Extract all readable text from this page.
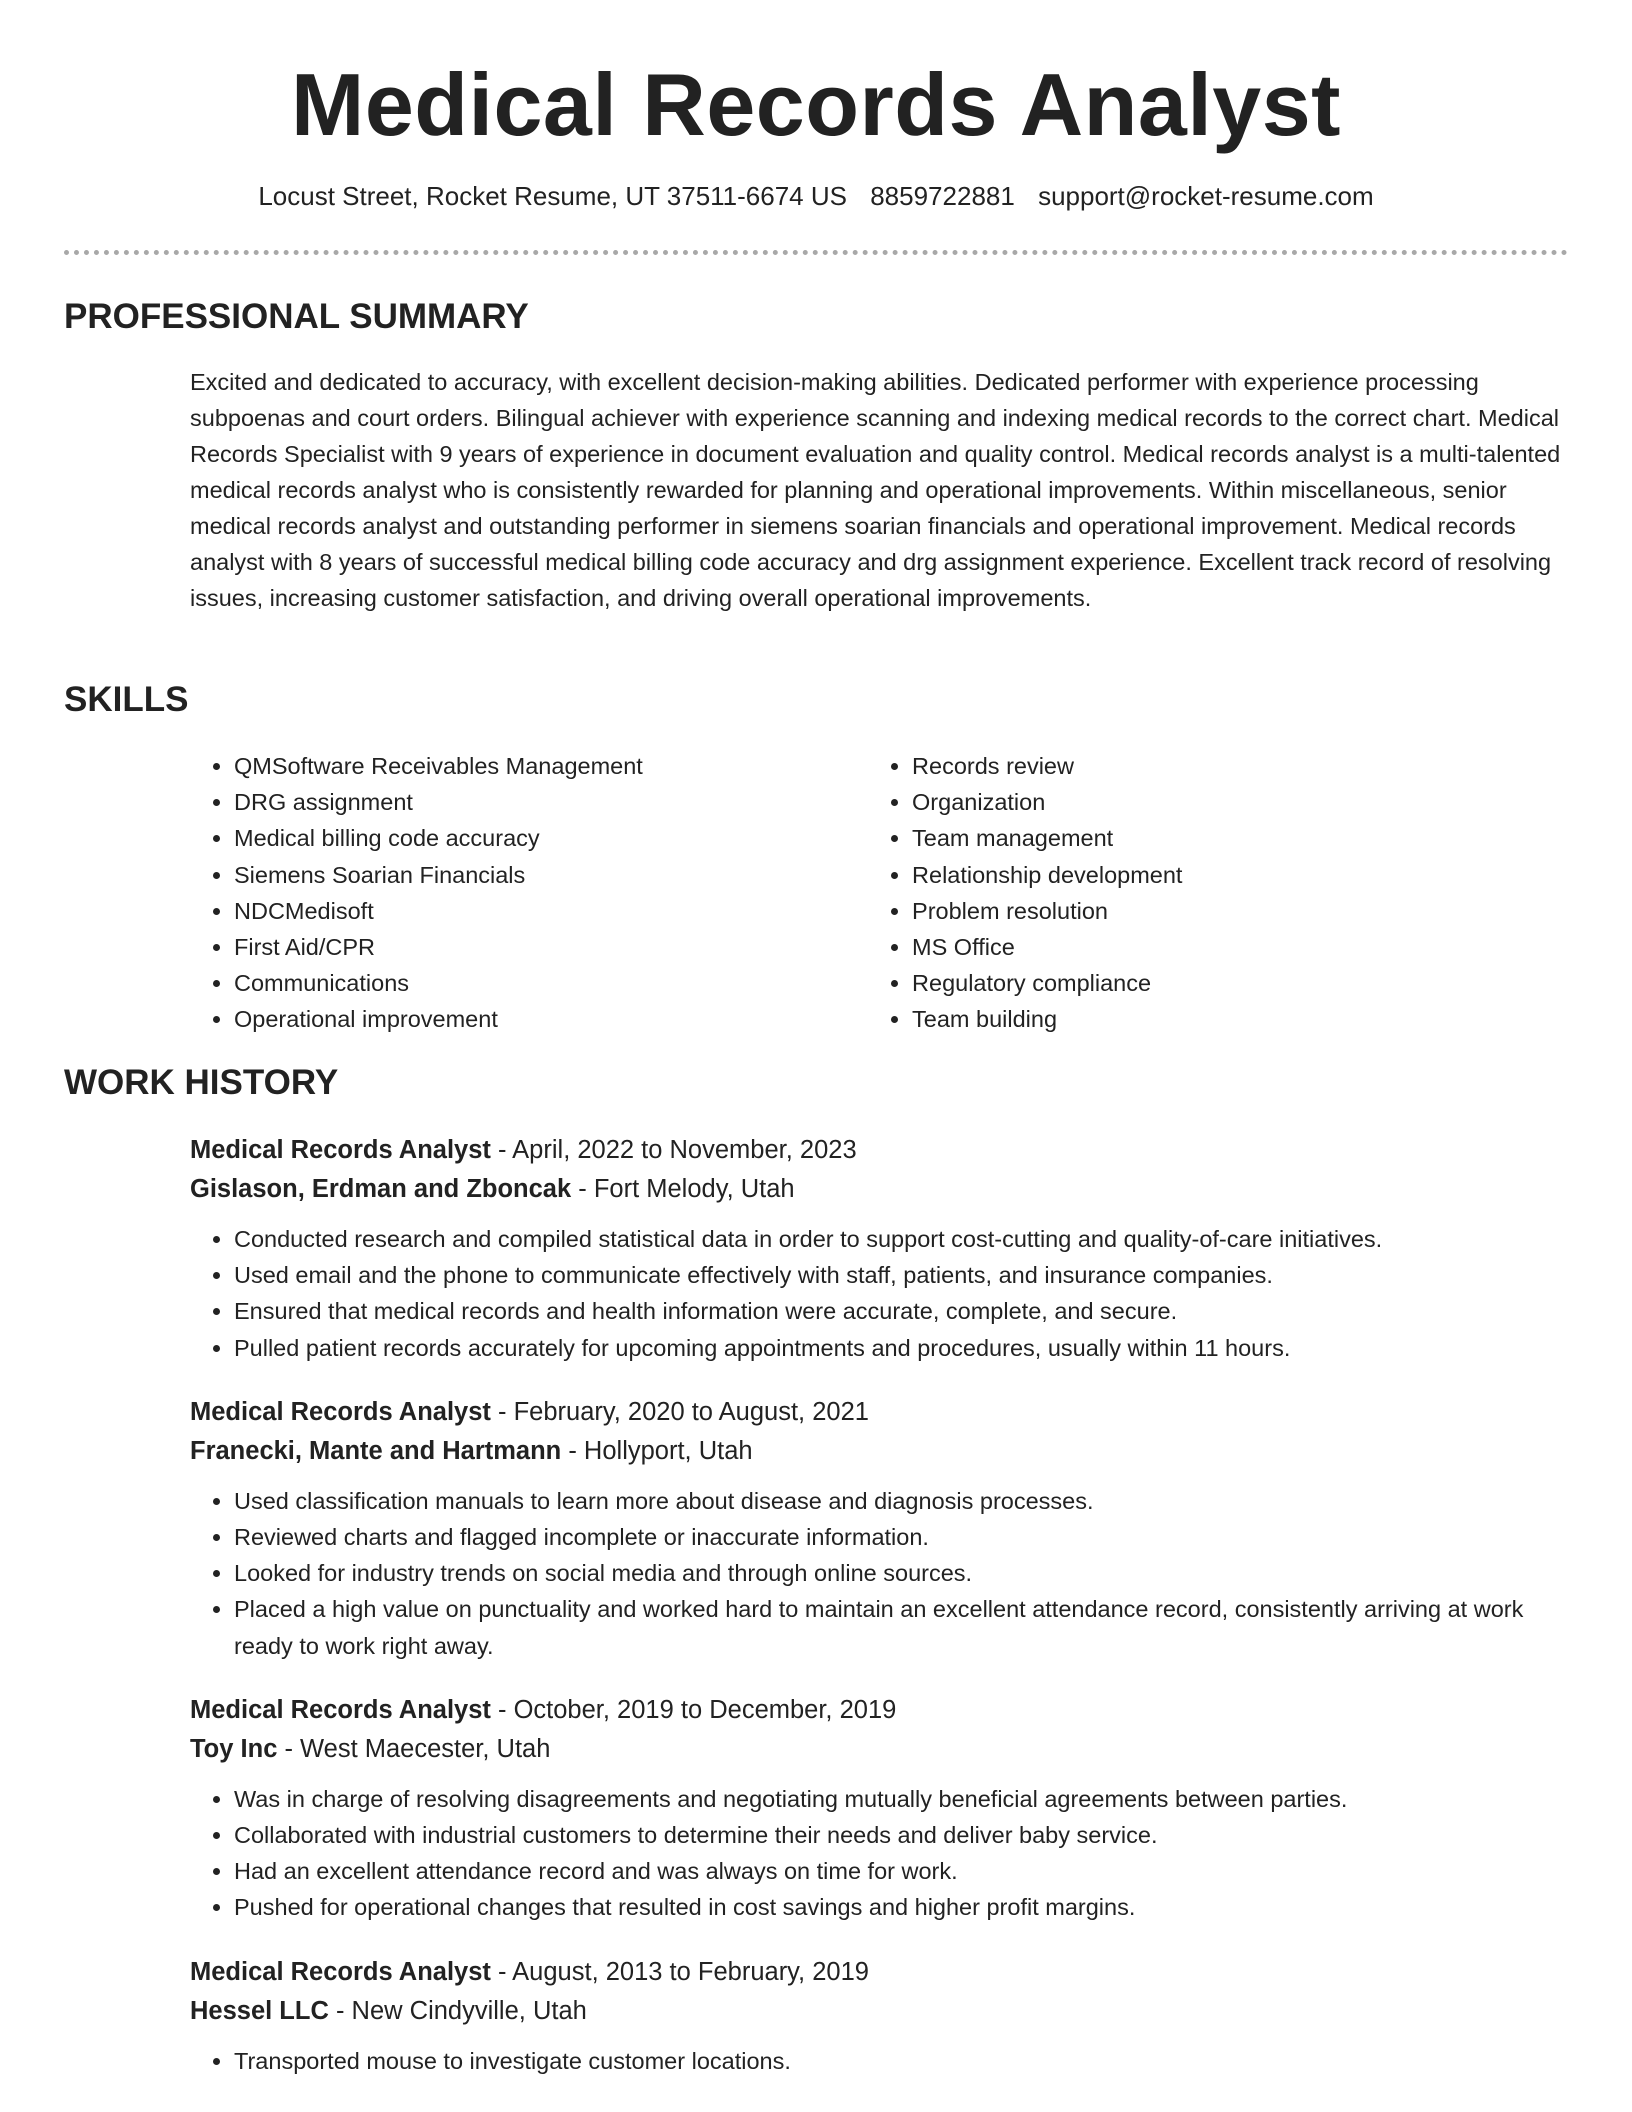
Medical Records Analyst
Locust Street, Rocket Resume, UT 37511-6674 US 8859722881 support@rocket-resume.com
PROFESSIONAL SUMMARY

Excited and dedicated to accuracy, with excellent decision-making abilities. Dedicated performer with experience processing subpoenas and court orders. Bilingual achiever with experience scanning and indexing medical records to the correct chart. Medical Records Specialist with 9 years of experience in document evaluation and quality control. Medical records analyst is a multi-talented medical records analyst who is consistently rewarded for planning and operational improvements. Within miscellaneous, senior medical records analyst and outstanding performer in siemens soarian financials and operational improvement. Medical records analyst with 8 years of successful medical billing code accuracy and drg assignment experience. Excellent track record of resolving issues, increasing customer satisfaction, and driving overall operational improvements.

SKILLS
• QMSoftware Receivables Management
• DRG assignment
• Medical billing code accuracy
• Siemens Soarian Financials
• NDCMedisoft
• First Aid/CPR
• Communications
• Operational improvement
• Records review
• Organization
• Team management
• Relationship development
• Problem resolution
• MS Office
• Regulatory compliance
• Team building
WORK HISTORY

Medical Records Analyst - April, 2022 to November, 2023

Gislason, Erdman and Zboncak - Fort Melody, Utah

• Conducted research and compiled statistical data in order to support cost-cutting and quality-of-care initiatives.
• Used email and the phone to communicate effectively with staff, patients, and insurance companies.
• Ensured that medical records and health information were accurate, complete, and secure.
• Pulled patient records accurately for upcoming appointments and procedures, usually within 11 hours.

Medical Records Analyst - February, 2020 to August, 2021

Franecki, Mante and Hartmann - Hollyport, Utah

• Used classification manuals to learn more about disease and diagnosis processes.
• Reviewed charts and flagged incomplete or inaccurate information.
• Looked for industry trends on social media and through online sources.
• Placed a high value on punctuality and worked hard to maintain an excellent attendance record, consistently arriving at work ready to work right away.

Medical Records Analyst - October, 2019 to December, 2019

Toy Inc - West Maecester, Utah

• Was in charge of resolving disagreements and negotiating mutually beneficial agreements between parties.
• Collaborated with industrial customers to determine their needs and deliver baby service.
• Had an excellent attendance record and was always on time for work.
• Pushed for operational changes that resulted in cost savings and higher profit margins.

Medical Records Analyst - August, 2013 to February, 2019

Hessel LLC - New Cindyville, Utah

• Transported mouse to investigate customer locations.
